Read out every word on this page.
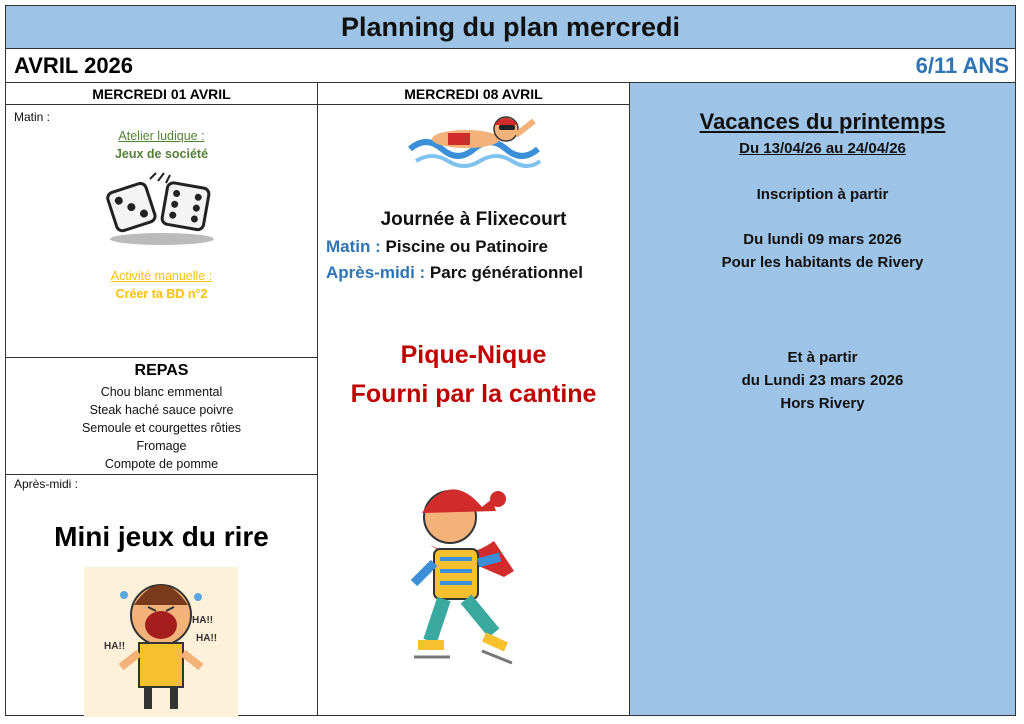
Planning du plan mercredi
AVRIL 2026	6/11 ANS
MERCREDI 01 AVRIL
Matin :
Atelier ludique :
Jeux de société
Activité manuelle :
Créer ta BD n°2
REPAS
Chou blanc emmental
Steak haché sauce poivre
Semoule et courgettes rôties
Fromage
Compote de pomme
Après-midi :
Mini jeux du rire
HA!!
HA!!
HA!!
MERCREDI 08 AVRIL
Journée à Flixecourt
Matin : Piscine ou Patinoire
Après-midi : Parc générationnel
Pique-Nique
Fourni par la cantine
Vacances du printemps
Du 13/04/26 au 24/04/26
Inscription à partir
Du lundi 09 mars 2026
Pour les habitants de Rivery
Et à partir
du Lundi 23 mars 2026
Hors Rivery
